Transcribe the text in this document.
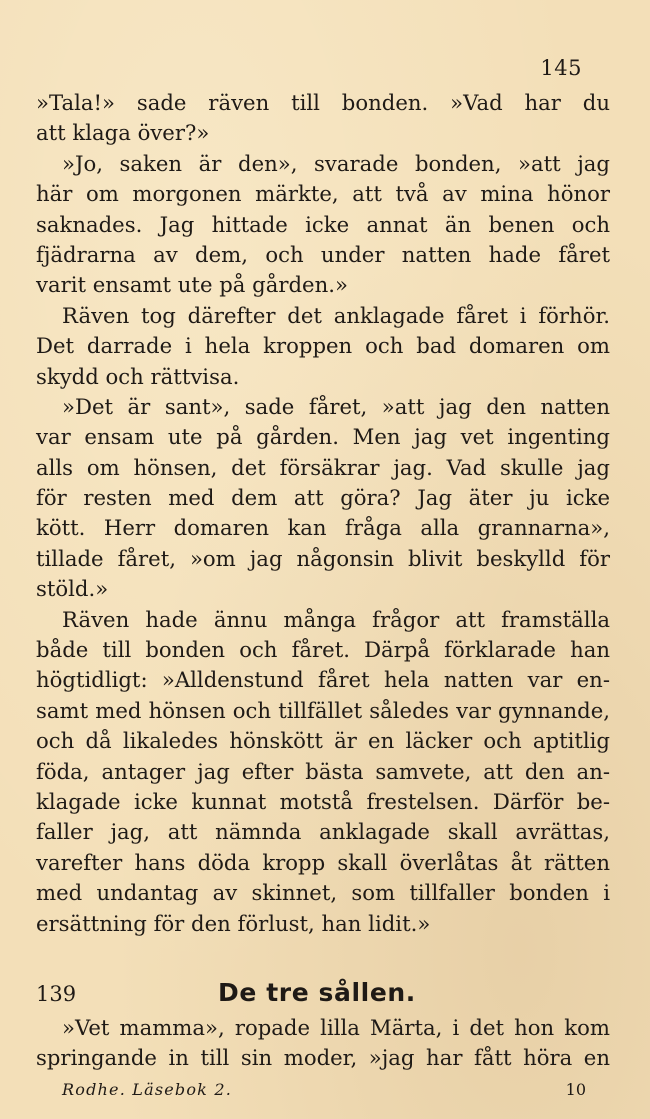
145
»Tala!» sade räven till bonden. »Vad har du
att klaga över?»
»Jo, saken är den», svarade bonden, »att jag
här om morgonen märkte, att två av mina hönor
saknades. Jag hittade icke annat än benen och
fjädrarna av dem, och under natten hade fåret
varit ensamt ute på gården.»
Räven tog därefter det anklagade fåret i förhör.
Det darrade i hela kroppen och bad domaren om
skydd och rättvisa.
»Det är sant», sade fåret, »att jag den natten
var ensam ute på gården. Men jag vet ingenting
alls om hönsen, det försäkrar jag. Vad skulle jag
för resten med dem att göra? Jag äter ju icke
kött. Herr domaren kan fråga alla grannarna»,
tillade fåret, »om jag någonsin blivit beskylld för
stöld.»
Räven hade ännu många frågor att framställa
både till bonden och fåret. Därpå förklarade han
högtidligt: »Alldenstund fåret hela natten var en-
samt med hönsen och tillfället således var gynnande,
och då likaledes hönskött är en läcker och aptitlig
föda, antager jag efter bästa samvete, att den an-
klagade icke kunnat motstå frestelsen. Därför be-
faller jag, att nämnda anklagade skall avrättas,
varefter hans döda kropp skall överlåtas åt rätten
med undantag av skinnet, som tillfaller bonden i
ersättning för den förlust, han lidit.»
139	De tre sållen.
»Vet mamma», ropade lilla Märta, i det hon kom
springande in till sin moder, »jag har fått höra en
Rodhe. Läsebok 2.	10
